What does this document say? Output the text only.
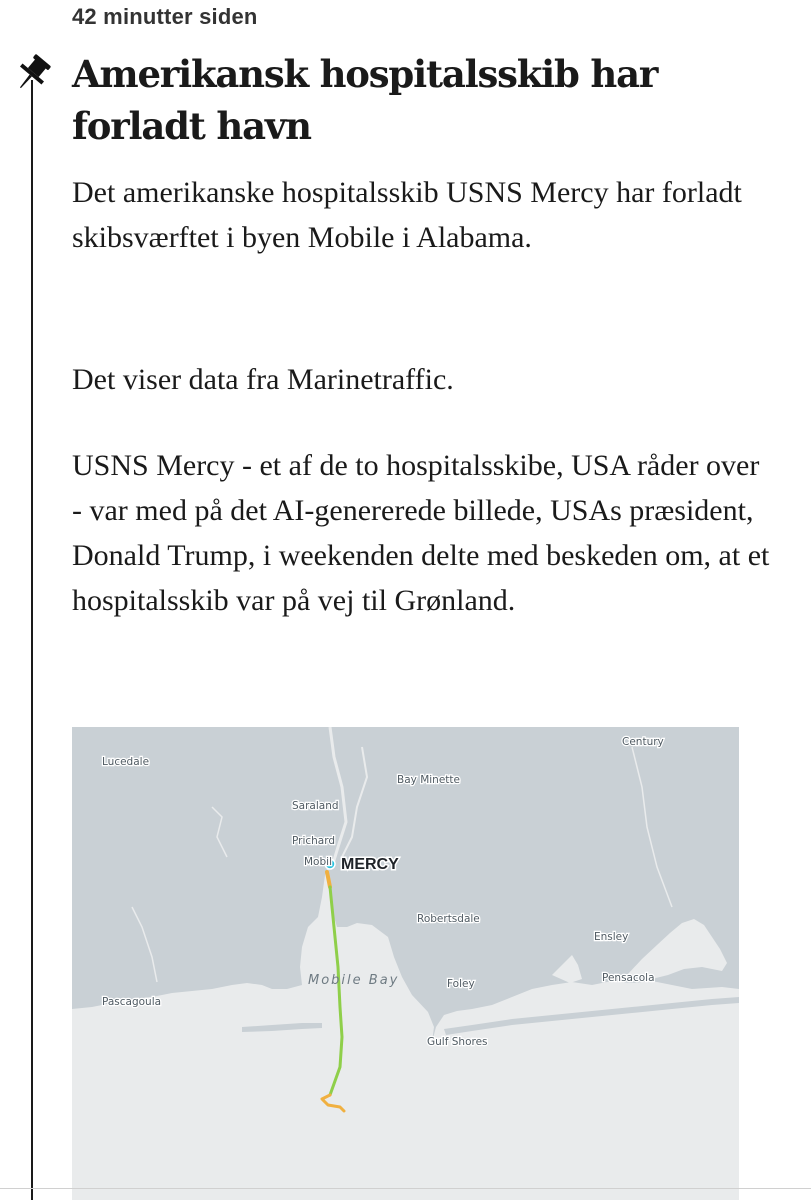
42 minutter siden
Amerikansk hospitalsskib har forladt havn

Det amerikanske hospitalsskib USNS Mercy har forladt skibsværftet i byen Mobile i Alabama.

Det viser data fra Marinetraffic.

USNS Mercy - et af de to hospitalsskibe, USA råder over - var med på det AI-genererede billede, USAs præsident, Donald Trump, i weekenden delte med beskeden om, at et hospitalsskib var på vej til Grønland.

Lucedale
Century
Bay Minette
Saraland
Prichard
Mobil MERCY
Robertsdale
Ensley
Pensacola
Foley
Pascagoula
Gulf Shores
Mobile Bay
